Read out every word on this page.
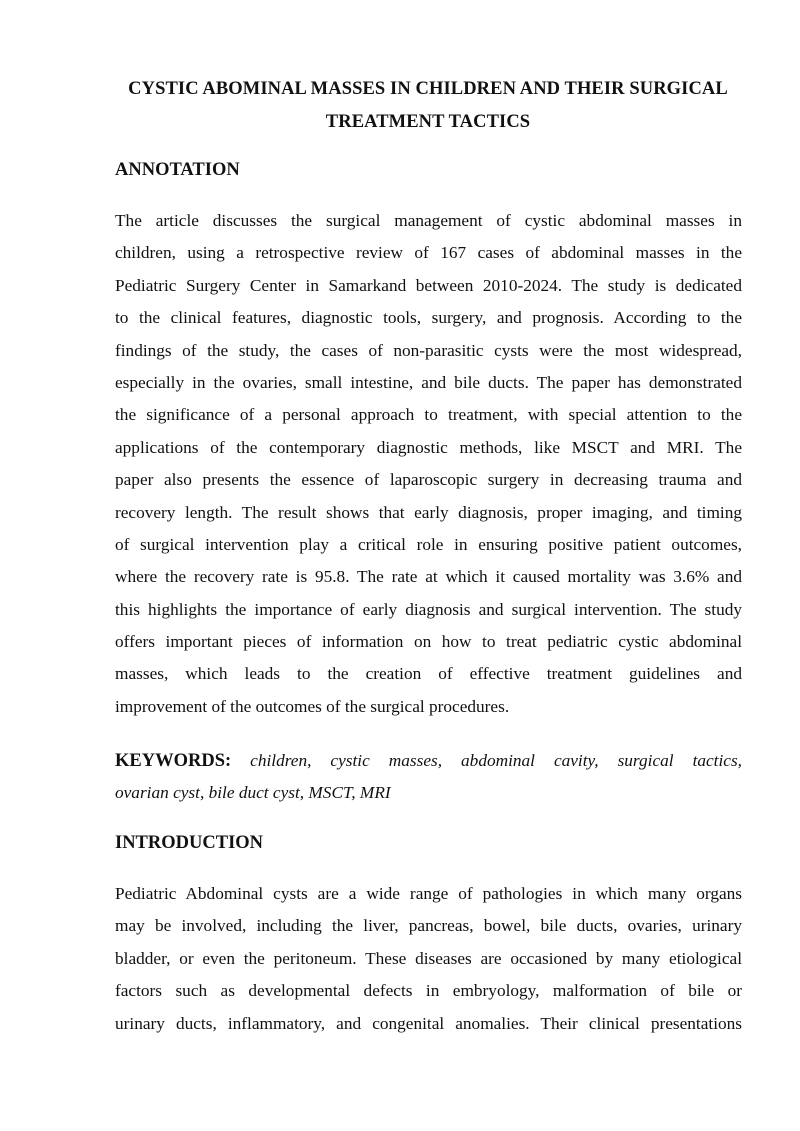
CYSTIC ABOMINAL MASSES IN CHILDREN AND THEIR SURGICAL
TREATMENT TACTICS
ANNOTATION
The article discusses the surgical management of cystic abdominal masses in
children, using a retrospective review of 167 cases of abdominal masses in the
Pediatric Surgery Center in Samarkand between 2010-2024. The study is dedicated
to the clinical features, diagnostic tools, surgery, and prognosis. According to the
findings of the study, the cases of non-parasitic cysts were the most widespread,
especially in the ovaries, small intestine, and bile ducts. The paper has demonstrated
the significance of a personal approach to treatment, with special attention to the
applications of the contemporary diagnostic methods, like MSCT and MRI. The
paper also presents the essence of laparoscopic surgery in decreasing trauma and
recovery length. The result shows that early diagnosis, proper imaging, and timing
of surgical intervention play a critical role in ensuring positive patient outcomes,
where the recovery rate is 95.8. The rate at which it caused mortality was 3.6% and
this highlights the importance of early diagnosis and surgical intervention. The study
offers important pieces of information on how to treat pediatric cystic abdominal
masses, which leads to the creation of effective treatment guidelines and
improvement of the outcomes of the surgical procedures.
KEYWORDS: children, cystic masses, abdominal cavity, surgical tactics,
ovarian cyst, bile duct cyst, MSCT, MRI
INTRODUCTION
Pediatric Abdominal cysts are a wide range of pathologies in which many organs
may be involved, including the liver, pancreas, bowel, bile ducts, ovaries, urinary
bladder, or even the peritoneum. These diseases are occasioned by many etiological
factors such as developmental defects in embryology, malformation of bile or
urinary ducts, inflammatory, and congenital anomalies. Their clinical presentations
